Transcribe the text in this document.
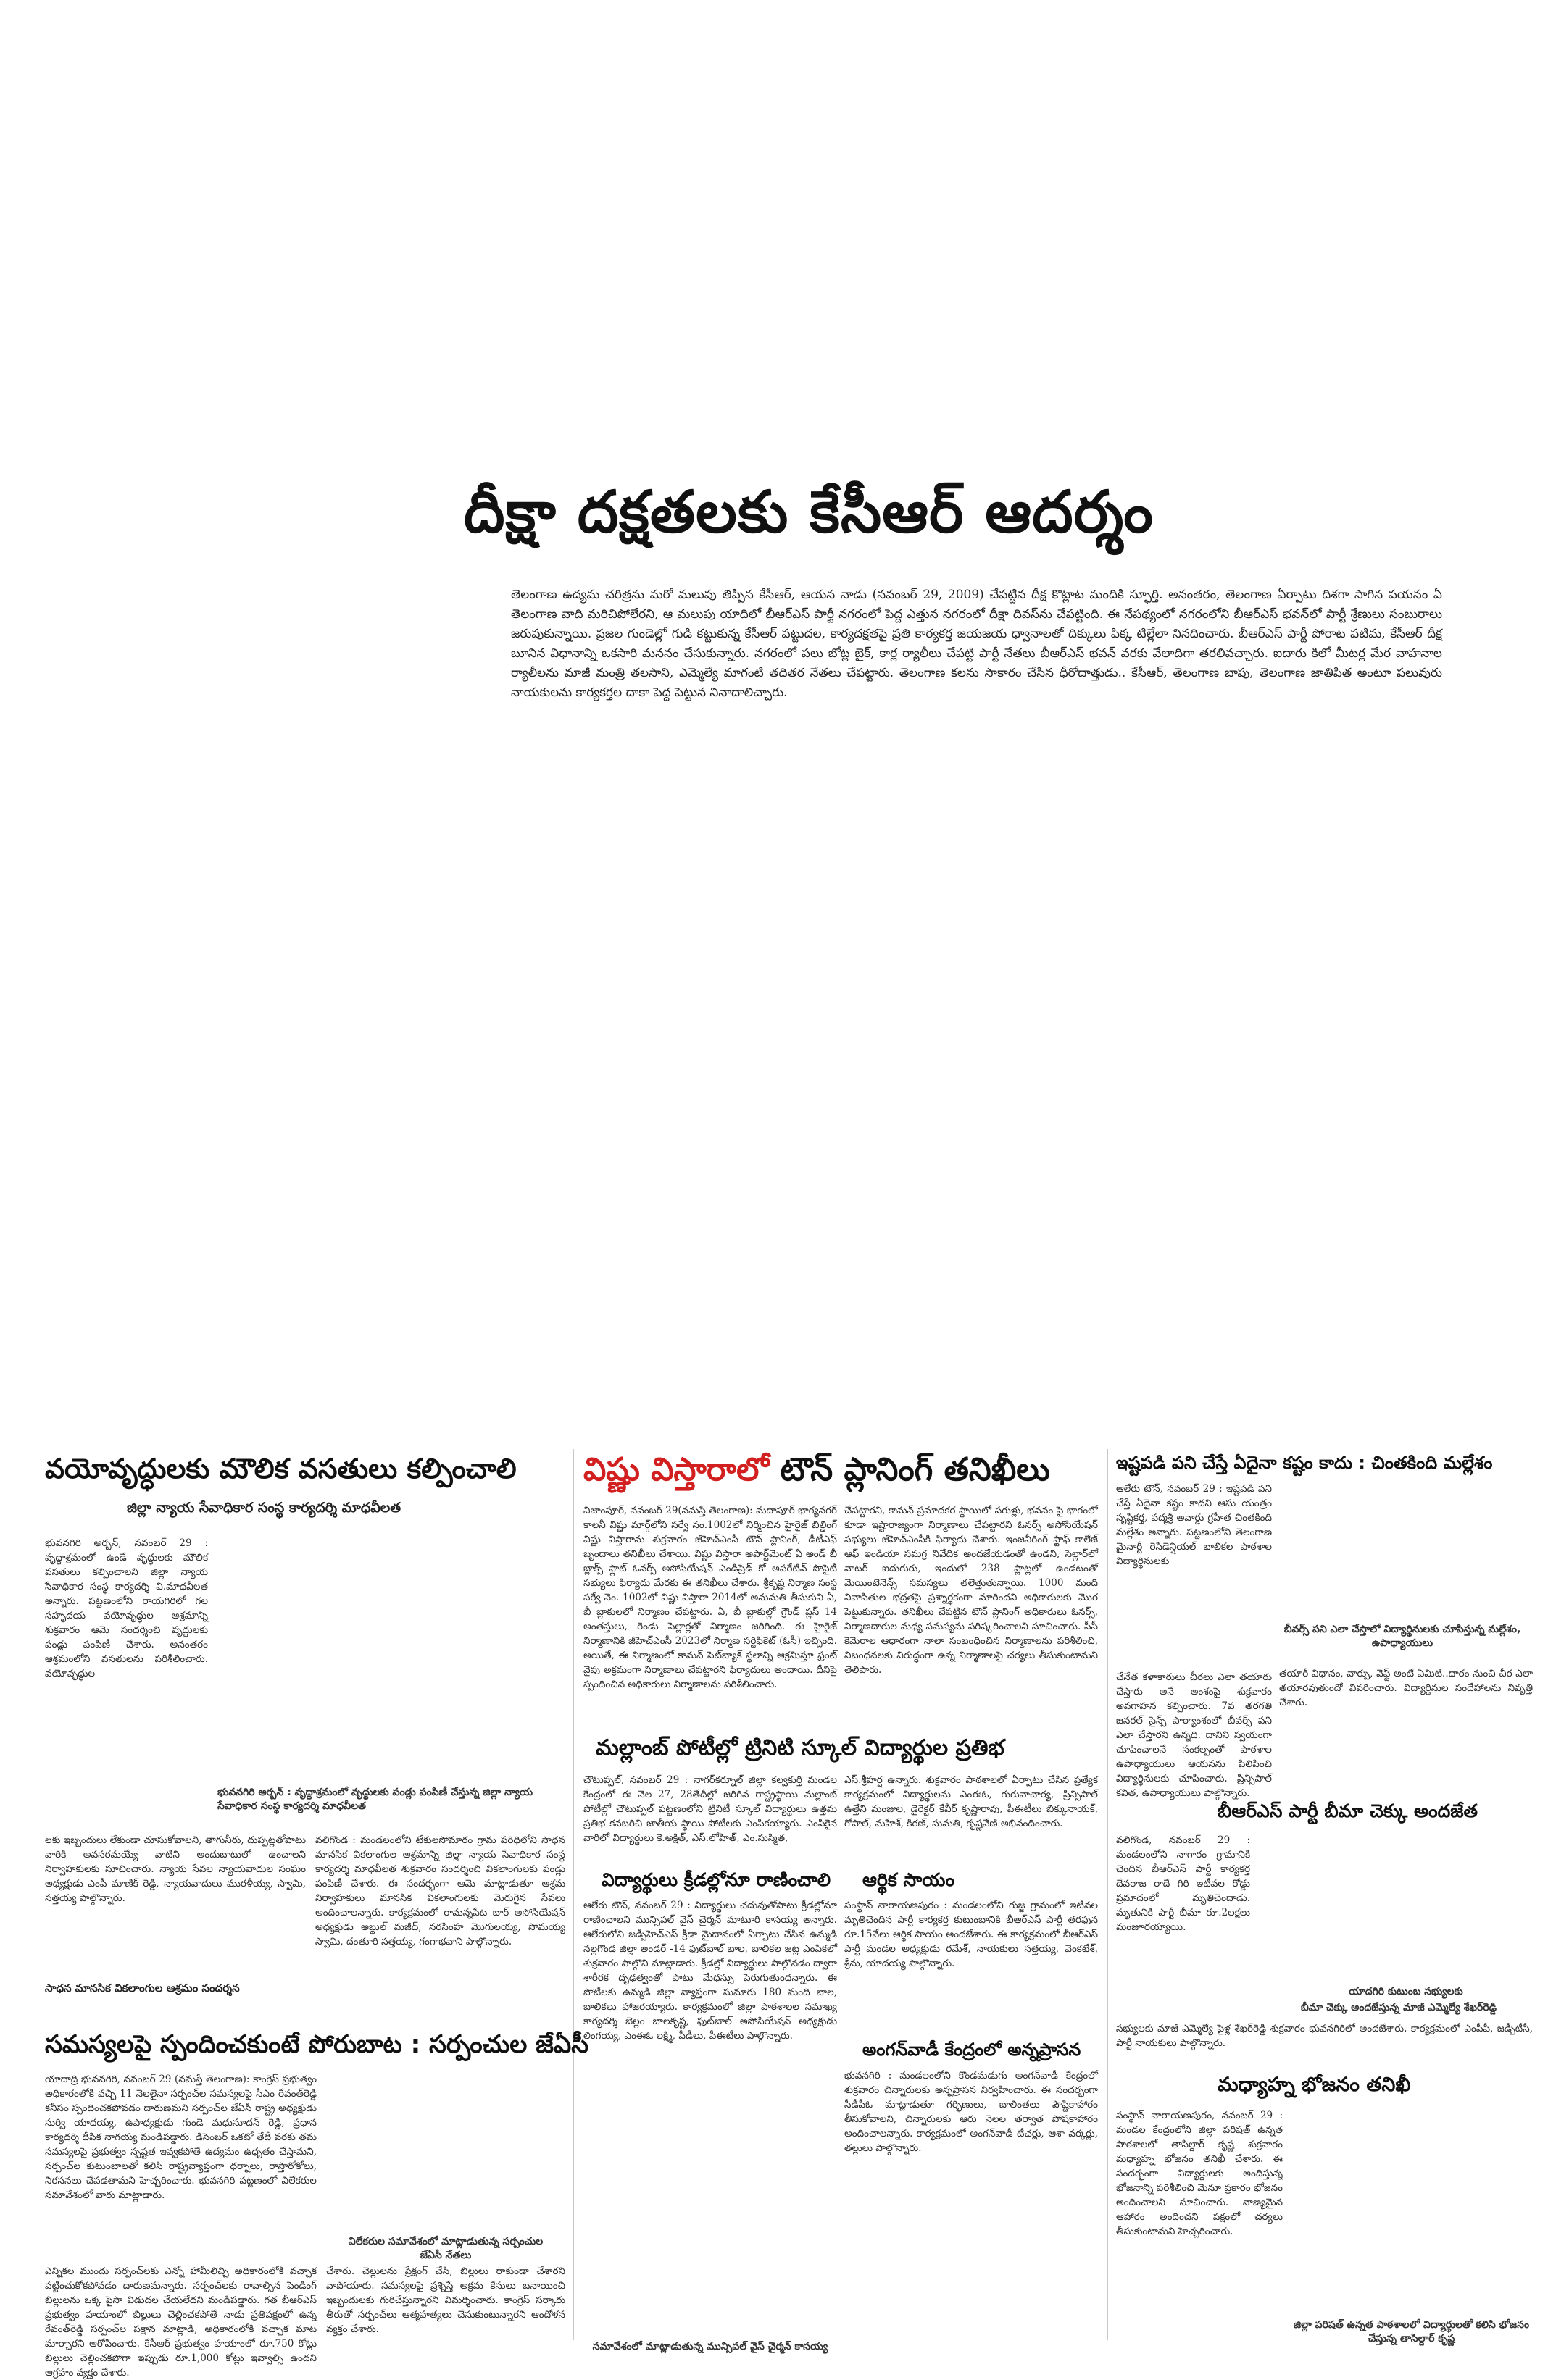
దీక్షా దక్షతలకు కేసీఆర్ ఆదర్శం
తెలంగాణ ఉద్యమ చరిత్రను మరో మలుపు తిప్పిన కేసీఆర్, ఆయన నాడు (నవంబర్ 29, 2009) చేపట్టిన దీక్ష కొట్లాట మందికి స్ఫూర్తి. అనంతరం, తెలంగాణ ఏర్పాటు దిశగా సాగిన పయనం ఏ తెలంగాణ వాది మరిచిపోలేరని, ఆ మలుపు యాదిలో బీఆర్ఎస్ పార్టీ నగరంలో పెద్ద ఎత్తున నగరంలో దీక్షా దివస్‌ను చేపట్టింది. ఈ నేపథ్యంలో నగరంలోని బీఆర్ఎస్ భవన్‌లో పార్టీ శ్రేణులు సంబురాలు జరుపుకున్నాయి. ప్రజల గుండెల్లో గుడి కట్టుకున్న కేసీఆర్ పట్టుదల, కార్యదక్షతపై ప్రతి కార్యకర్త జయజయ ధ్వానాలతో దిక్కులు పిక్క టిల్లేలా నినదించారు. బీఆర్ఎస్ పార్టీ పోరాట పటిమ, కేసీఆర్ దీక్ష బూనిన విధానాన్ని ఒకసారి మననం చేసుకున్నారు. నగరంలో పలు బోట్ల బైక్, కార్ల ర్యాలీలు చేపట్టి పార్టీ నేతలు బీఆర్ఎస్ భవన్ వరకు వేలాదిగా తరలివచ్చారు. ఐదారు కిలో మీటర్ల మేర వాహనాల ర్యాలీలను మాజీ మంత్రి తలసాని, ఎమ్మెల్యే మాగంటి తదితర నేతలు చేపట్టారు. తెలంగాణ కలను సాకారం చేసిన ధీరోదాత్తుడు.. కేసీఆర్, తెలంగాణ బాపు, తెలంగాణ జాతిపిత అంటూ పలువురు నాయకులను కార్యకర్తల దాకా పెద్ద పెట్టున నినాదాలిచ్చారు.
వయోవృద్ధులకు మౌలిక వసతులు కల్పించాలి
జిల్లా న్యాయ సేవాధికార సంస్థ కార్యదర్శి మాధవీలత
భువనగిరి అర్బన్, నవంబర్ 29 : వృద్ధాశ్రమంలో ఉండే వృద్ధులకు మౌలిక వసతులు కల్పించాలని జిల్లా న్యాయ సేవాధికార సంస్థ కార్యదర్శి వి.మాధవీలత అన్నారు. పట్టణంలోని రాయగిరిలో గల సహృదయ వయోవృద్ధుల ఆశ్రమాన్ని శుక్రవారం ఆమె సందర్శించి వృద్ధులకు పండ్లు పంపిణీ చేశారు. అనంతరం ఆశ్రమంలోని వసతులను పరిశీలించారు. వయోవృద్ధుల
భువనగిరి అర్బన్ : వృద్ధాశ్రమంలో వృద్ధులకు పండ్లు పంపిణీ చేస్తున్న జిల్లా న్యాయ సేవాధికార సంస్థ కార్యదర్శి మాధవీలత
లకు ఇబ్బందులు లేకుండా చూసుకోవాలని, తాగునీరు, దుప్పట్లతోపాటు వారికి అవసరమయ్యే వాటిని అందుబాటులో ఉంచాలని నిర్వాహకులకు సూచించారు. న్యాయ సేవల న్యాయవాదుల సంఘం అధ్యక్షుడు ఎంపీ మాణిక్ రెడ్డి, న్యాయవాదులు మురళీయ్య, స్వామి, సత్తయ్య పాల్గొన్నారు.
వలిగొండ : మండలంలోని టేకులసోమారం గ్రామ పరిధిలోని సాధన మానసిక వికలాంగుల ఆశ్రమాన్ని జిల్లా న్యాయ సేవాధికార సంస్థ కార్యదర్శి మాధవీలత శుక్రవారం సందర్శించి వికలాంగులకు పండ్లు పంపిణీ చేశారు. ఈ సందర్భంగా ఆమె మాట్లాడుతూ ఆశ్రమ నిర్వాహకులు మానసిక వికలాంగులకు మెరుగైన సేవలు అందించాలన్నారు. కార్యక్రమంలో రామన్నపేట బార్ అసోసియేషన్ అధ్యక్షుడు అబ్దుల్ మజీద్, నరసింహ మొగులయ్య, సోమయ్య స్వామి, దంతూరి సత్తయ్య, గంగాభవాని పాల్గొన్నారు.
సాధన మానసిక వికలాంగుల ఆశ్రమం సందర్శన
సమస్యలపై స్పందించకుంటే పోరుబాట : సర్పంచుల జేఏసీ
యాదాద్రి భువనగిరి, నవంబర్ 29 (నమస్తే తెలంగాణ): కాంగ్రెస్ ప్రభుత్వం అధికారంలోకి వచ్చి 11 నెలలైనా సర్పంచ్‌ల సమస్యలపై సీఎం రేవంత్‌రెడ్డి కనీసం స్పందించకపోవడం దారుణమని సర్పంచ్‌ల జేఏసీ రాష్ట్ర అధ్యక్షుడు సుర్వి యాదయ్య, ఉపాధ్యక్షుడు గుండె మధుసూదన్ రెడ్డి, ప్రధాన కార్యదర్శి దీపిక నాగయ్య మండిపడ్డారు. డిసెంబర్ ఒకటో తేదీ వరకు తమ సమస్యలపై ప్రభుత్వం స్పష్టత ఇవ్వకపోతే ఉద్యమం ఉధృతం చేస్తామని, సర్పంచ్‌ల కుటుంబాలతో కలిసి రాష్ట్రవ్యాప్తంగా ధర్నాలు, రాస్తారోకోలు, నిరసనలు చేపడతామని హెచ్చరించారు. భువనగిరి పట్టణంలో విలేకరుల సమావేశంలో వారు మాట్లాడారు.
విలేకరుల సమావేశంలో మాట్లాడుతున్న సర్పంచుల జేఏసీ నేతలు
ఎన్నికల ముందు సర్పంచ్‌లకు ఎన్నో హామీలిచ్చి అధికారంలోకి వచ్చాక పట్టించుకోకపోవడం దారుణమన్నారు. సర్పంచ్‌లకు రావాల్సిన పెండింగ్ బిల్లులను ఒక్క పైసా విడుదల చేయలేదని మండిపడ్డారు. గత బీఆర్ఎస్ ప్రభుత్వం హయాంలో బిల్లులు చెల్లించకపోతే నాడు ప్రతిపక్షంలో ఉన్న రేవంత్‌రెడ్డి సర్పంచ్‌ల పక్షాన మాట్లాడి, అధికారంలోకి వచ్చాక మాట మార్చారని ఆరోపించారు. కేసీఆర్ ప్రభుత్వం హయాంలో రూ.750 కోట్లు బిల్లులు చెల్లించకపోగా ఇప్పుడు రూ.1,000 కోట్లు ఇవ్వాల్సి ఉందని ఆగ్రహం వ్యక్తం చేశారు.
చేశారు. చెల్లులను ప్రేక్షంగ్ చేసి, బిల్లులు రాకుండా చేశారని వాపోయారు. సమస్యలపై ప్రశ్నిస్తే అక్రమ కేసులు బనాయించి ఇబ్బందులకు గురిచేస్తున్నారని విమర్శించారు. కాంగ్రెస్ సర్కారు తీరుతో సర్పంచ్‌లు ఆత్మహత్యలు చేసుకుంటున్నారని ఆందోళన వ్యక్తం చేశారు.
విష్ణు విస్తారాలో టౌన్ ప్లానింగ్ తనిఖీలు
నిజాంపూర్, నవంబర్ 29(నమస్తే తెలంగాణ): మదాపూర్ భాగ్యనగర్ కాలనీ విష్ణు మార్గ్‌లోని సర్వే నం.1002లో నిర్మించిన హైరైజ్ బిల్డింగ్ విష్ణు విస్తారాను శుక్రవారం జీహెచ్ఎంసీ టౌన్ ప్లానింగ్, డీటీఎఫ్ బృందాలు తనిఖీలు చేశాయి. విష్ణు విస్తారా అపార్ట్‌మెంట్ ఏ అండ్ బీ బ్లాక్స్ ఫ్లాట్ ఓనర్స్ అసోసియేషన్ ఎండిప్రెడ్ కో అపరేటివ్ సొసైటీ సభ్యులు ఫిర్యాదు మేరకు ఈ తనిఖీలు చేశారు. శ్రీకృష్ణ నిర్మాణ సంస్థ సర్వే నెం. 1002లో విష్ణు విస్తారా 2014లో అనుమతి తీసుకుని ఏ, బీ బ్లాకులలో నిర్మాణం చేపట్టారు. ఏ, బీ బ్లాకుల్లో గ్రౌండ్ ప్లస్ 14 అంతస్తులు, రెండు సెల్లార్లతో నిర్మాణం జరిగింది. ఈ హైరైజ్ నిర్మాణానికి జీహెచ్ఎంసీ 2023లో నిర్మాణ సర్టిఫికెట్ (ఓసీ) ఇచ్చింది. అయితే, ఈ నిర్మాణంలో కామన్ సెట్‌బ్యాక్ స్థలాన్ని ఆక్రమిస్తూ ఫ్రంట్ వైపు అక్రమంగా నిర్మాణాలు చేపట్టారని ఫిర్యాదులు అందాయి. దీనిపై స్పందించిన అధికారులు నిర్మాణాలను పరిశీలించారు.
చేపట్టారని, కామన్ ప్రమాదకర స్థాయిలో పగుళ్లు, భవనం పై భాగంలో కూడా ఇష్టారాజ్యంగా నిర్మాణాలు చేపట్టారని ఓనర్స్ అసోసియేషన్ సభ్యులు జీహెచ్ఎంసీకి ఫిర్యాదు చేశారు. ఇంజనీరింగ్ స్టాఫ్ కాలేజ్ ఆఫ్ ఇండియా సమగ్ర నివేదిక అందజేయడంతో ఉండని, సెల్లార్‌లో వాటర్ ఐదుగురు, ఇందులో 238 ప్లాట్లలో ఉండటంతో మెయింటెనెన్స్ సమస్యలు తలెత్తుతున్నాయి. 1000 మంది నివాసితుల భద్రతపై ప్రశ్నార్థకంగా మారిందని అధికారులకు మొర పెట్టుకున్నారు. తనిఖీలు చేపట్టిన టౌన్ ప్లానింగ్ అధికారులు ఓనర్స్, నిర్మాణదారుల మధ్య సమస్యను పరిష్కరించాలని సూచించారు. సీసీ కెమెరాల ఆధారంగా నాలా సంబంధించిన నిర్మాణాలను పరిశీలించి, నిబంధనలకు విరుద్ధంగా ఉన్న నిర్మాణాలపై చర్యలు తీసుకుంటామని తెలిపారు.
మల్లాంబ్ పోటీల్లో ట్రినిటి స్కూల్ విద్యార్థుల ప్రతిభ
చౌటుప్పల్, నవంబర్ 29 : నాగర్‌కర్నూల్ జిల్లా కల్వకుర్తి మండల కేంద్రంలో ఈ నెల 27, 28తేదీల్లో జరిగిన రాష్ట్రస్థాయి మల్లాంబ్ పోటీల్లో చౌటుప్పల్ పట్టణంలోని ట్రినిటీ స్కూల్ విద్యార్థులు ఉత్తమ ప్రతిభ కనబరిచి జాతీయ స్థాయి పోటీలకు ఎంపికయ్యారు. ఎంపికైన వారిలో విద్యార్థులు కె.అక్షిత్, ఎస్.లోహిత్, ఎం.సుస్మిత,
ఎస్.శ్రీహర్ష ఉన్నారు. శుక్రవారం పాఠశాలలో ఏర్పాటు చేసిన ప్రత్యేక కార్యక్రమంలో విద్యార్థులను ఎంఈఓ, గురువాచార్య, ప్రిన్సిపాల్ ఉత్తేని మంజుల, డైరెక్టర్ కేవీర్ కృష్ణారావు, పీఈటీలు బిక్కునాయక్, గోపాల్, మహేశ్, కిరణ్, సుమతి, కృష్ణవేణి అభినందించారు.
విద్యార్థులు క్రీడల్లోనూ రాణించాలి
ఆలేరు టౌన్, నవంబర్ 29 : విద్యార్థులు చదువుతోపాటు క్రీడల్లోనూ రాణించాలని మున్సిపల్ వైస్ చైర్మన్ మాటూరి కాసయ్య అన్నారు. ఆలేరులోని జడ్పీహెచ్ఎస్ క్రీడా మైదానంలో ఏర్పాటు చేసిన ఉమ్మడి నల్లగొండ జిల్లా అండర్ -14 ఫుట్‌బాల్ బాల, బాలికల జట్ల ఎంపికలో శుక్రవారం పాల్గొని మాట్లాడారు. క్రీడల్లో విద్యార్థులు పాల్గొనడం ద్వారా శారీరక దృఢత్వంతో పాటు మేధస్సు పెరుగుతుందన్నారు. ఈ పోటీలకు ఉమ్మడి జిల్లా వ్యాప్తంగా సుమారు 180 మంది బాల, బాలికలు హాజరయ్యారు. కార్యక్రమంలో జిల్లా పాఠశాలల సమాఖ్య కార్యదర్శి బెల్లం బాలకృష్ణ, ఫుట్‌బాల్ అసోసియేషన్ అధ్యక్షుడు లింగయ్య, ఎంఈఓ లక్ష్మి, పీడీలు, పీఈటీలు పాల్గొన్నారు.
సమావేశంలో మాట్లాడుతున్న మున్సిపల్ వైస్ చైర్మన్ కాసయ్య
ఆర్థిక సాయం
సంస్థాన్ నారాయణపురం : మండలంలోని గుజ్జ గ్రామంలో ఇటీవల మృతిచెందిన పార్టీ కార్యకర్త కుటుంబానికి బీఆర్ఎస్ పార్టీ తరఫున రూ.15వేలు ఆర్థిక సాయం అందజేశారు. ఈ కార్యక్రమంలో బీఆర్ఎస్ పార్టీ మండల అధ్యక్షుడు రమేశ్, నాయకులు సత్తయ్య, వెంకటేశ్, శ్రీను, యాదయ్య పాల్గొన్నారు.
అంగన్‌వాడీ కేంద్రంలో అన్నప్రాసన
భువనగిరి : మండలంలోని కొండమడుగు అంగన్‌వాడీ కేంద్రంలో శుక్రవారం చిన్నారులకు అన్నప్రాసన నిర్వహించారు. ఈ సందర్భంగా సీడీపీఓ మాట్లాడుతూ గర్భిణులు, బాలింతలు పౌష్టికాహారం తీసుకోవాలని, చిన్నారులకు ఆరు నెలల తర్వాత పోషకాహారం అందించాలన్నారు. కార్యక్రమంలో అంగన్‌వాడీ టీచర్లు, ఆశా వర్కర్లు, తల్లులు పాల్గొన్నారు.
ఇష్టపడి పని చేస్తే ఏదైనా కష్టం కాదు : చింతకింది మల్లేశం
ఆలేరు టౌన్, నవంబర్ 29 : ఇష్టపడి పని చేస్తే ఏదైనా కష్టం కాదని ఆసు యంత్రం సృష్టికర్త, పద్మశ్రీ అవార్డు గ్రహీత చింతకింది మల్లేశం అన్నారు. పట్టణంలోని తెలంగాణ మైనార్టీ రెసిడెన్షియల్ బాలికల పాఠశాల విద్యార్థినులకు
బీవర్స్ పని ఎలా చేస్తాలో విద్యార్థినులకు చూపిస్తున్న మల్లేశం, ఉపాధ్యాయులు
చేనేత కళాకారులు చీరలు ఎలా తయారు చేస్తారు అనే అంశంపై శుక్రవారం అవగాహన కల్పించారు. 7వ తరగతి జనరల్ సైన్స్ పాఠ్యాంశంలో బీవర్స్ పని ఎలా చేస్తారని ఉన్నది. దానిని స్వయంగా చూపించాలనే సంకల్పంతో పాఠశాల ఉపాధ్యాయులు ఆయనను పిలిపించి విద్యార్థినులకు చూపించారు. ప్రిన్సిపాల్ కవిత, ఉపాధ్యాయులు పాల్గొన్నారు.
తయారీ విధానం, వార్పు, వెఫ్ట్ అంటే ఏమిటి..దారం నుంచి చీర ఎలా తయారవుతుందో వివరించారు. విద్యార్థినుల సందేహాలను నివృత్తి చేశారు.
బీఆర్ఎస్ పార్టీ బీమా చెక్కు అందజేత
వలిగొండ, నవంబర్ 29 : మండలంలోని నాగారం గ్రామానికి చెందిన బీఆర్ఎస్ పార్టీ కార్యకర్త దేవరాజ రాదే గిరి ఇటీవల రోడ్డు ప్రమాదంలో మృతిచెందాడు. మృతునికి పార్టీ బీమా రూ.2లక్షలు మంజూరయ్యాయి.
యాదగిరి కుటుంబ సభ్యులకు
బీమా చెక్కు అందజేస్తున్న మాజీ ఎమ్మెల్యే శేఖర్‌రెడ్డి
సభ్యులకు మాజీ ఎమ్మెల్యే పైళ్ల శేఖర్‌రెడ్డి శుక్రవారం భువనగిరిలో అందజేశారు. కార్యక్రమంలో ఎంపీపీ, జడ్పీటీసీ, పార్టీ నాయకులు పాల్గొన్నారు.
మధ్యాహ్న భోజనం తనిఖీ
సంస్థాన్ నారాయణపురం, నవంబర్ 29 : మండల కేంద్రంలోని జిల్లా పరిషత్ ఉన్నత పాఠశాలలో తాసిల్దార్ కృష్ణ శుక్రవారం మధ్యాహ్న భోజనం తనిఖీ చేశారు. ఈ సందర్భంగా విద్యార్థులకు అందిస్తున్న భోజనాన్ని పరిశీలించి మెనూ ప్రకారం భోజనం అందించాలని సూచించారు. నాణ్యమైన ఆహారం అందించని పక్షంలో చర్యలు తీసుకుంటామని హెచ్చరించారు.
జిల్లా పరిషత్ ఉన్నత పాఠశాలలో విద్యార్థులతో కలిసి భోజనం చేస్తున్న తాసిల్దార్ కృష్ణ
